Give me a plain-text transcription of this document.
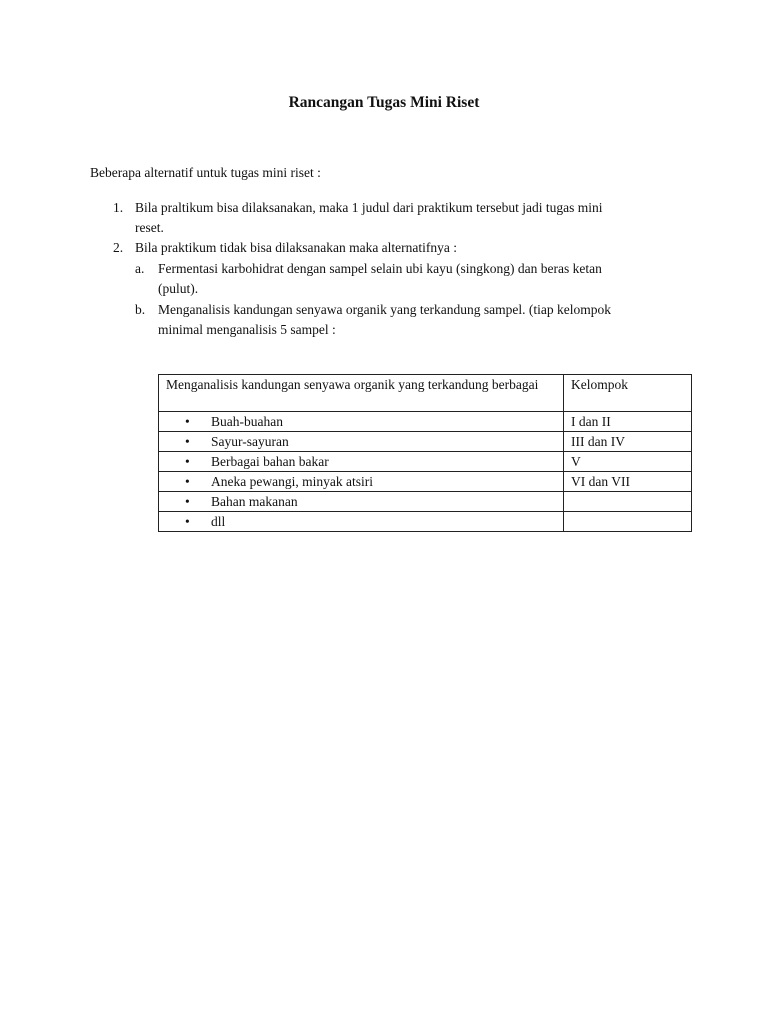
Rancangan Tugas Mini Riset

Beberapa alternatif untuk tugas mini riset :

1. Bila praltikum bisa dilaksanakan, maka 1 judul dari praktikum tersebut jadi tugas mini

reset.

2. Bila praktikum tidak bisa dilaksanakan maka alternatifnya :

a. Fermentasi karbohidrat dengan sampel selain ubi kayu (singkong) dan beras ketan

(pulut).

b. Menganalisis kandungan senyawa organik yang terkandung sampel. (tiap kelompok

minimal menganalisis 5 sampel :

Menganalisis kandungan senyawa organik yang terkandung berbagai	Kelompok
• Buah-buahan	I dan II
• Sayur-sayuran	III dan IV
• Berbagai bahan bakar	V
• Aneka pewangi, minyak atsiri	VI dan VII
• Bahan makanan	
• dll	
